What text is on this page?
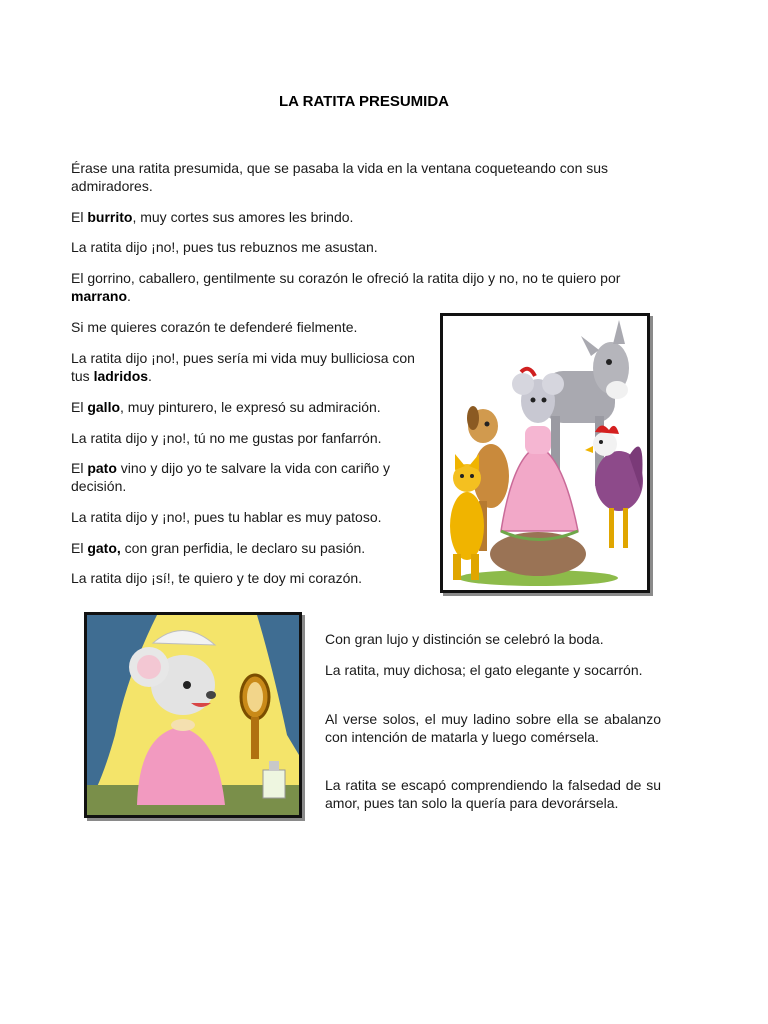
LA RATITA PRESUMIDA

Érase una ratita presumida, que se pasaba la vida en la ventana coqueteando con sus admiradores.

El burrito, muy cortes sus amores les brindo.

La ratita dijo ¡no!, pues tus rebuznos me asustan.

El gorrino, caballero, gentilmente su corazón le ofreció la ratita dijo y no, no te quiero por marrano.

Si me quieres corazón te defenderé fielmente.

La ratita dijo ¡no!, pues sería mi vida muy bulliciosa con tus ladridos.

El gallo, muy pinturero, le expresó su admiración.

La ratita dijo y ¡no!, tú no me gustas por fanfarrón.

El pato vino y dijo yo te salvare la vida con cariño y decisión.

La ratita dijo y ¡no!, pues tu hablar es muy patoso.

El gato, con gran perfidia, le declaro su pasión.

La ratita dijo ¡sí!, te quiero y te doy mi corazón.

Con gran lujo y distinción se celebró la boda.

La ratita, muy dichosa; el gato elegante y socarrón.

Al verse solos, el muy ladino sobre ella se abalanzo con intención de matarla y luego comérsela.

La ratita se escapó comprendiendo la falsedad de su amor, pues tan solo la quería para devorársela.
